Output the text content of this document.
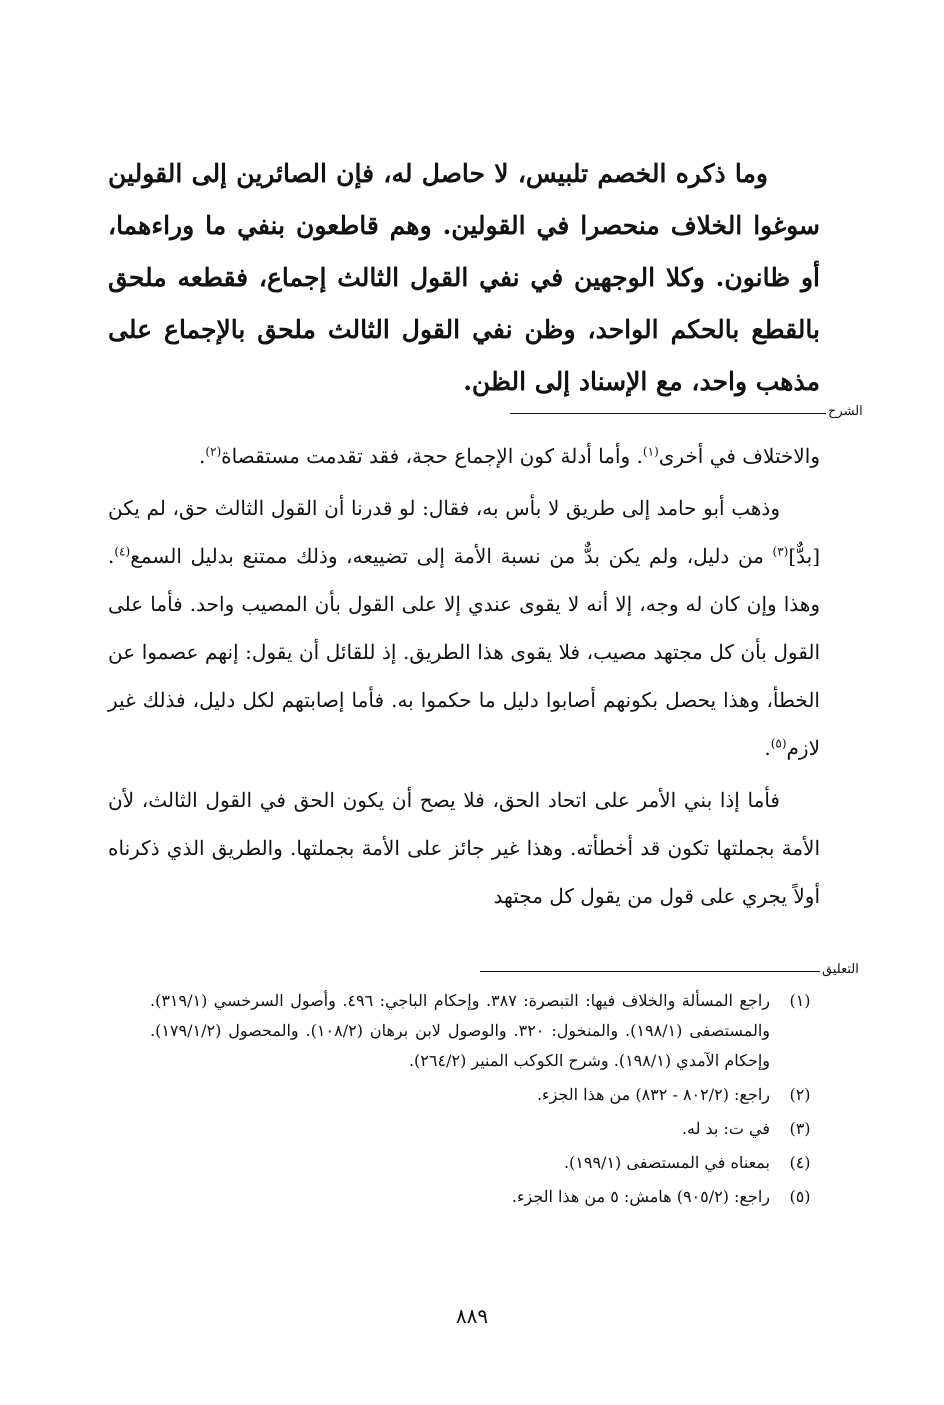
وما ذكره الخصم تلبيس، لا حاصل له، فإن الصائرين إلى القولين سوغوا الخلاف منحصرا في القولين. وهم قاطعون بنفي ما وراءهما، أو ظانون. وكلا الوجهين في نفي القول الثالث إجماع، فقطعه ملحق بالقطع بالحكم الواحد، وظن نفي القول الثالث ملحق بالإجماع على مذهب واحد، مع الإسناد إلى الظن.

الشرح

والاختلاف في أخرى$^{(١)}$. وأما أدلة كون الإجماع حجة، فقد تقدمت مستقصاة$^{(٢)}$.

وذهب أبو حامد إلى طريق لا بأس به، فقال: لو قدرنا أن القول الثالث حق، لم يكن [بدٌّ]$^{(٣)}$ من دليل، ولم يكن بدٌّ من نسبة الأمة إلى تضييعه، وذلك ممتنع بدليل السمع$^{(٤)}$. وهذا وإن كان له وجه، إلا أنه لا يقوى عندي إلا على القول بأن المصيب واحد. فأما على القول بأن كل مجتهد مصيب، فلا يقوى هذا الطريق. إذ للقائل أن يقول: إنهم عصموا عن الخطأ، وهذا يحصل بكونهم أصابوا دليل ما حكموا به. فأما إصابتهم لكل دليل، فذلك غير لازم$^{(٥)}$.

فأما إذا بني الأمر على اتحاد الحق، فلا يصح أن يكون الحق في القول الثالث، لأن الأمة بجملتها تكون قد أخطأته. وهذا غير جائز على الأمة بجملتها. والطريق الذي ذكرناه أولاً يجري على قول من يقول كل مجتهد

التعليق
(١)
راجع المسألة والخلاف فيها: التبصرة: ٣٨٧. وإحكام الباجي: ٤٩٦. وأصول السرخسي (٣١٩/١). والمستصفى (١٩٨/١). والمنخول: ٣٢٠. والوصول لابن برهان (١٠٨/٢). والمحصول (١٧٩/١/٢). وإحكام الآمدي (١٩٨/١). وشرح الكوكب المنير (٢٦٤/٢).
(٢)
راجع: (٨٠٢/٢ - ٨٣٢) من هذا الجزء.
(٣)
في ت: بد له.
(٤)
بمعناه في المستصفى (١٩٩/١).
(٥)
راجع: (٩٠٥/٢) هامش: ٥ من هذا الجزء.
٨٨٩
